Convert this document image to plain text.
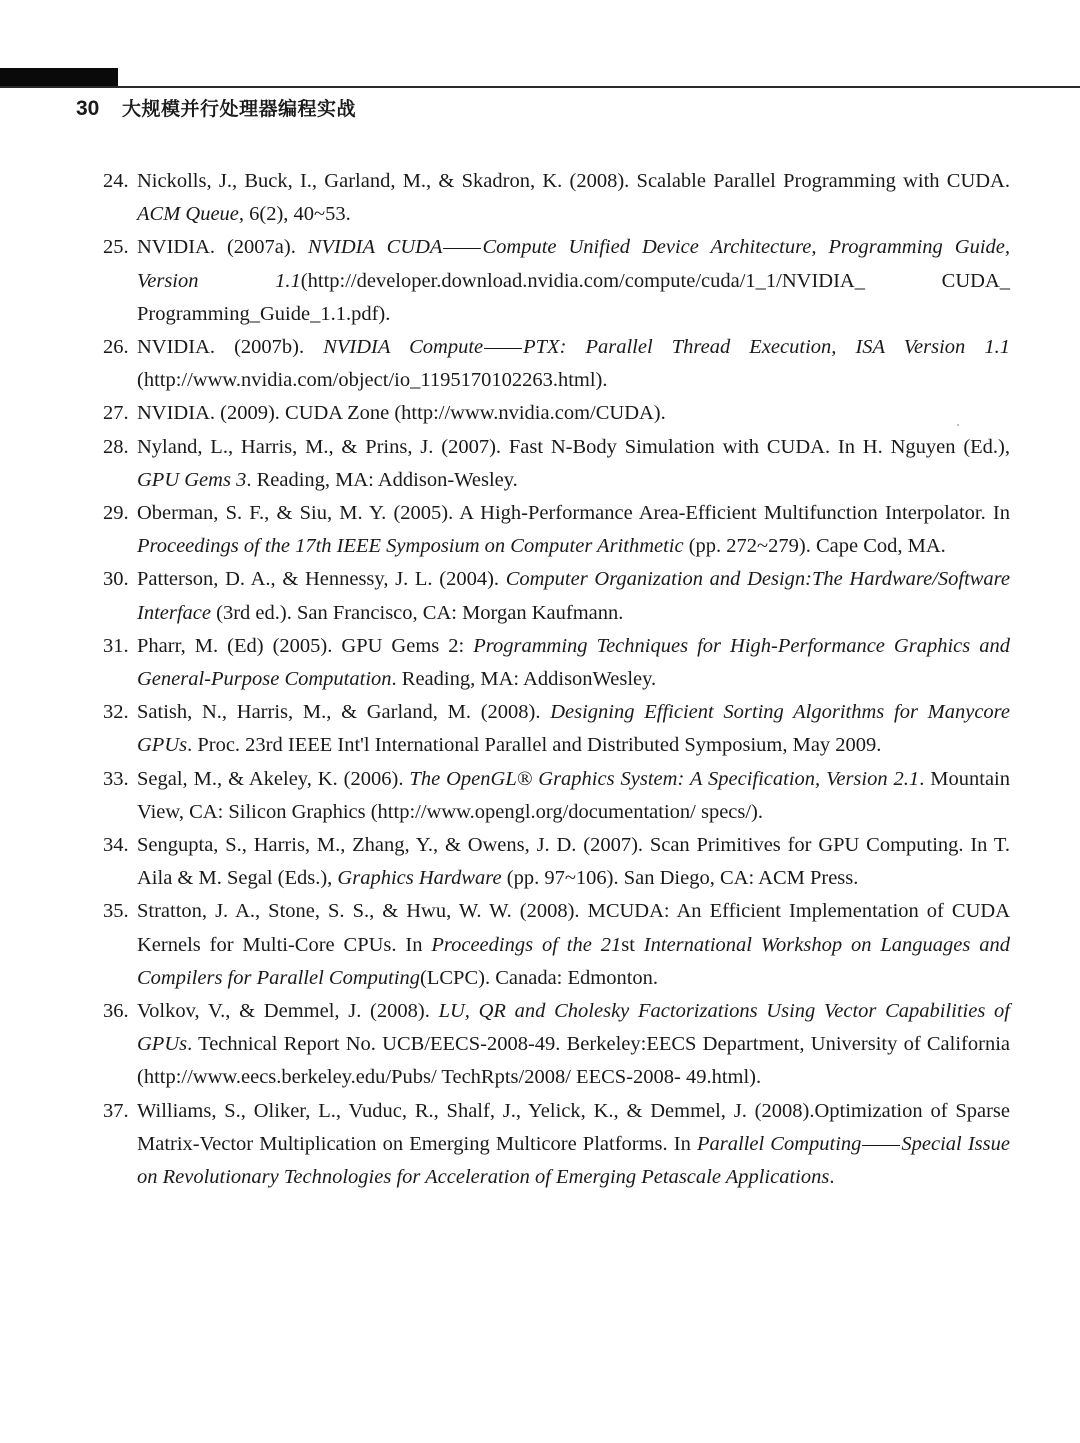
30 大规模并行处理器编程实战
24. Nickolls, J., Buck, I., Garland, M., & Skadron, K. (2008). Scalable Parallel Programming with CUDA. ACM Queue, 6(2), 40~53.
25. NVIDIA. (2007a). NVIDIA CUDA Compute Unified Device Architecture, Programming Guide, Version 1.1(http://developer.download.nvidia.com/compute/cuda/1_1/NVIDIA_ CUDA_ Programming_Guide_1.1.pdf).
26. NVIDIA. (2007b). NVIDIA Compute PTX: Parallel Thread Execution, ISA Version 1.1 (http://www.nvidia.com/object/io_1195170102263.html).
27. NVIDIA. (2009). CUDA Zone (http://www.nvidia.com/CUDA).
28. Nyland, L., Harris, M., & Prins, J. (2007). Fast N-Body Simulation with CUDA. In H. Nguyen (Ed.), GPU Gems 3. Reading, MA: Addison-Wesley.
29. Oberman, S. F., & Siu, M. Y. (2005). A High-Performance Area-Efficient Multifunction Interpolator. In Proceedings of the 17th IEEE Symposium on Computer Arithmetic (pp. 272~279). Cape Cod, MA.
30. Patterson, D. A., & Hennessy, J. L. (2004). Computer Organization and Design:The Hardware/Software Interface (3rd ed.). San Francisco, CA: Morgan Kaufmann.
31. Pharr, M. (Ed) (2005). GPU Gems 2: Programming Techniques for High-Performance Graphics and General-Purpose Computation. Reading, MA: AddisonWesley.
32. Satish, N., Harris, M., & Garland, M. (2008). Designing Efficient Sorting Algorithms for Manycore GPUs. Proc. 23rd IEEE Int'l International Parallel and Distributed Symposium, May 2009.
33. Segal, M., & Akeley, K. (2006). The OpenGL® Graphics System: A Specification, Version 2.1. Mountain View, CA: Silicon Graphics (http://www.opengl.org/documentation/ specs/).
34. Sengupta, S., Harris, M., Zhang, Y., & Owens, J. D. (2007). Scan Primitives for GPU Computing. In T. Aila & M. Segal (Eds.), Graphics Hardware (pp. 97~106). San Diego, CA: ACM Press.
35. Stratton, J. A., Stone, S. S., & Hwu, W. W. (2008). MCUDA: An Efficient Implementation of CUDA Kernels for Multi-Core CPUs. In Proceedings of the 21st International Workshop on Languages and Compilers for Parallel Computing(LCPC). Canada: Edmonton.
36. Volkov, V., & Demmel, J. (2008). LU, QR and Cholesky Factorizations Using Vector Capabilities of GPUs. Technical Report No. UCB/EECS-2008-49. Berkeley:EECS Department, University of California (http://www.eecs.berkeley.edu/Pubs/ TechRpts/2008/ EECS-2008- 49.html).
37. Williams, S., Oliker, L., Vuduc, R., Shalf, J., Yelick, K., & Demmel, J. (2008).Optimization of Sparse Matrix-Vector Multiplication on Emerging Multicore Platforms. In Parallel Computing Special Issue on Revolutionary Technologies for Acceleration of Emerging Petascale Applications.
